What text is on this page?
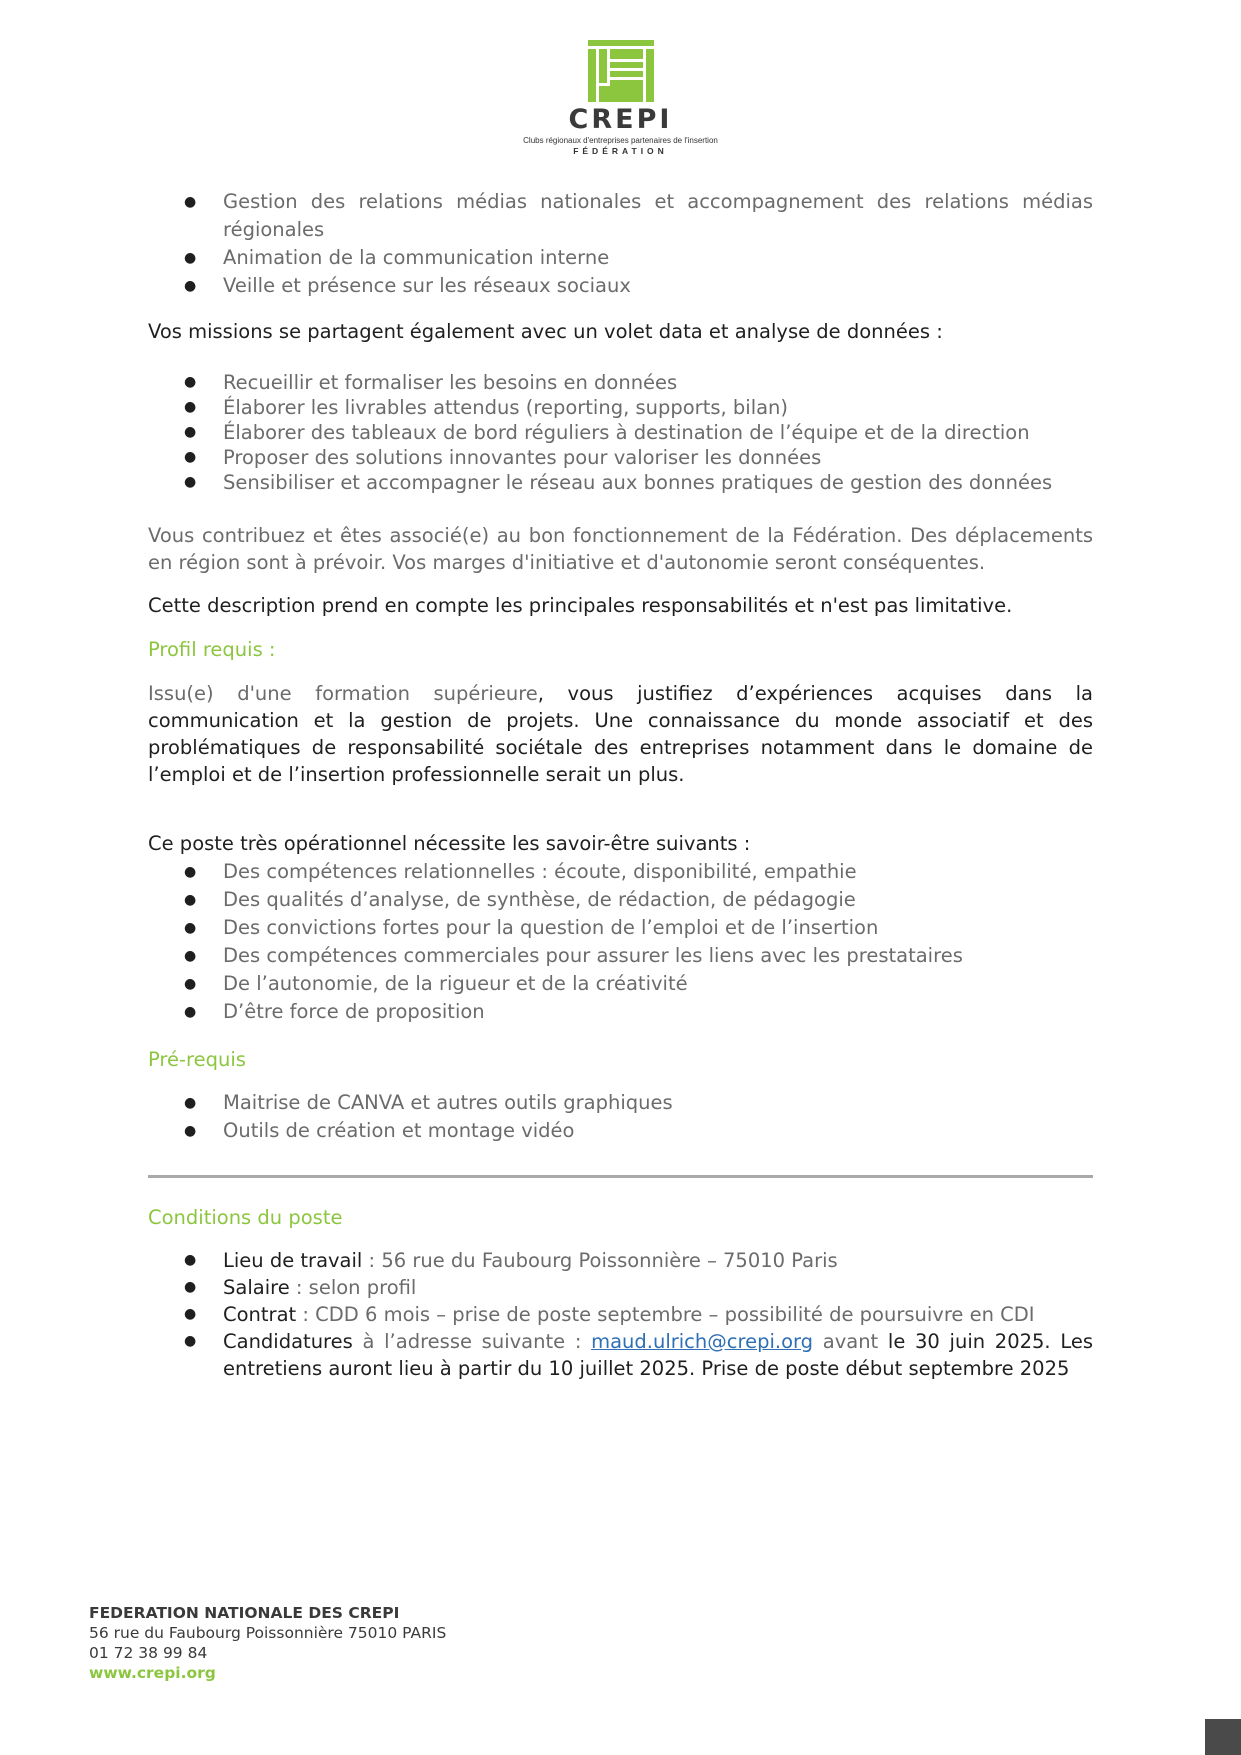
CREPI
Clubs régionaux d'entreprises partenaires de l'insertion
FÉDÉRATION
● Gestion des relations médias nationales et accompagnement des relations médias régionales
● Animation de la communication interne
● Veille et présence sur les réseaux sociaux

Vos missions se partagent également avec un volet data et analyse de données :

● Recueillir et formaliser les besoins en données
● Élaborer les livrables attendus (reporting, supports, bilan)
● Élaborer des tableaux de bord réguliers à destination de l’équipe et de la direction
● Proposer des solutions innovantes pour valoriser les données
● Sensibiliser et accompagner le réseau aux bonnes pratiques de gestion des données

Vous contribuez et êtes associé(e) au bon fonctionnement de la Fédération. Des déplacements en région sont à prévoir. Vos marges d'initiative et d'autonomie seront conséquentes.

Cette description prend en compte les principales responsabilités et n'est pas limitative.

Profil requis :

Issu(e) d'une formation supérieure, vous justifiez d’expériences acquises dans la communication et la gestion de projets. Une connaissance du monde associatif et des problématiques de responsabilité sociétale des entreprises notamment dans le domaine de l’emploi et de l’insertion professionnelle serait un plus.

Ce poste très opérationnel nécessite les savoir-être suivants :

● Des compétences relationnelles : écoute, disponibilité, empathie
● Des qualités d’analyse, de synthèse, de rédaction, de pédagogie
● Des convictions fortes pour la question de l’emploi et de l’insertion
● Des compétences commerciales pour assurer les liens avec les prestataires
● De l’autonomie, de la rigueur et de la créativité
● D’être force de proposition

Pré-requis

● Maitrise de CANVA et autres outils graphiques
● Outils de création et montage vidéo

Conditions du poste

● Lieu de travail : 56 rue du Faubourg Poissonnière – 75010 Paris
● Salaire : selon profil
● Contrat : CDD 6 mois – prise de poste septembre – possibilité de poursuivre en CDI
● Candidatures à l’adresse suivante : maud.ulrich@crepi.org avant le 30 juin 2025. Les entretiens auront lieu à partir du 10 juillet 2025. Prise de poste début septembre 2025
FEDERATION NATIONALE DES CREPI
56 rue du Faubourg Poissonnière 75010 PARIS
01 72 38 99 84
www.crepi.org
